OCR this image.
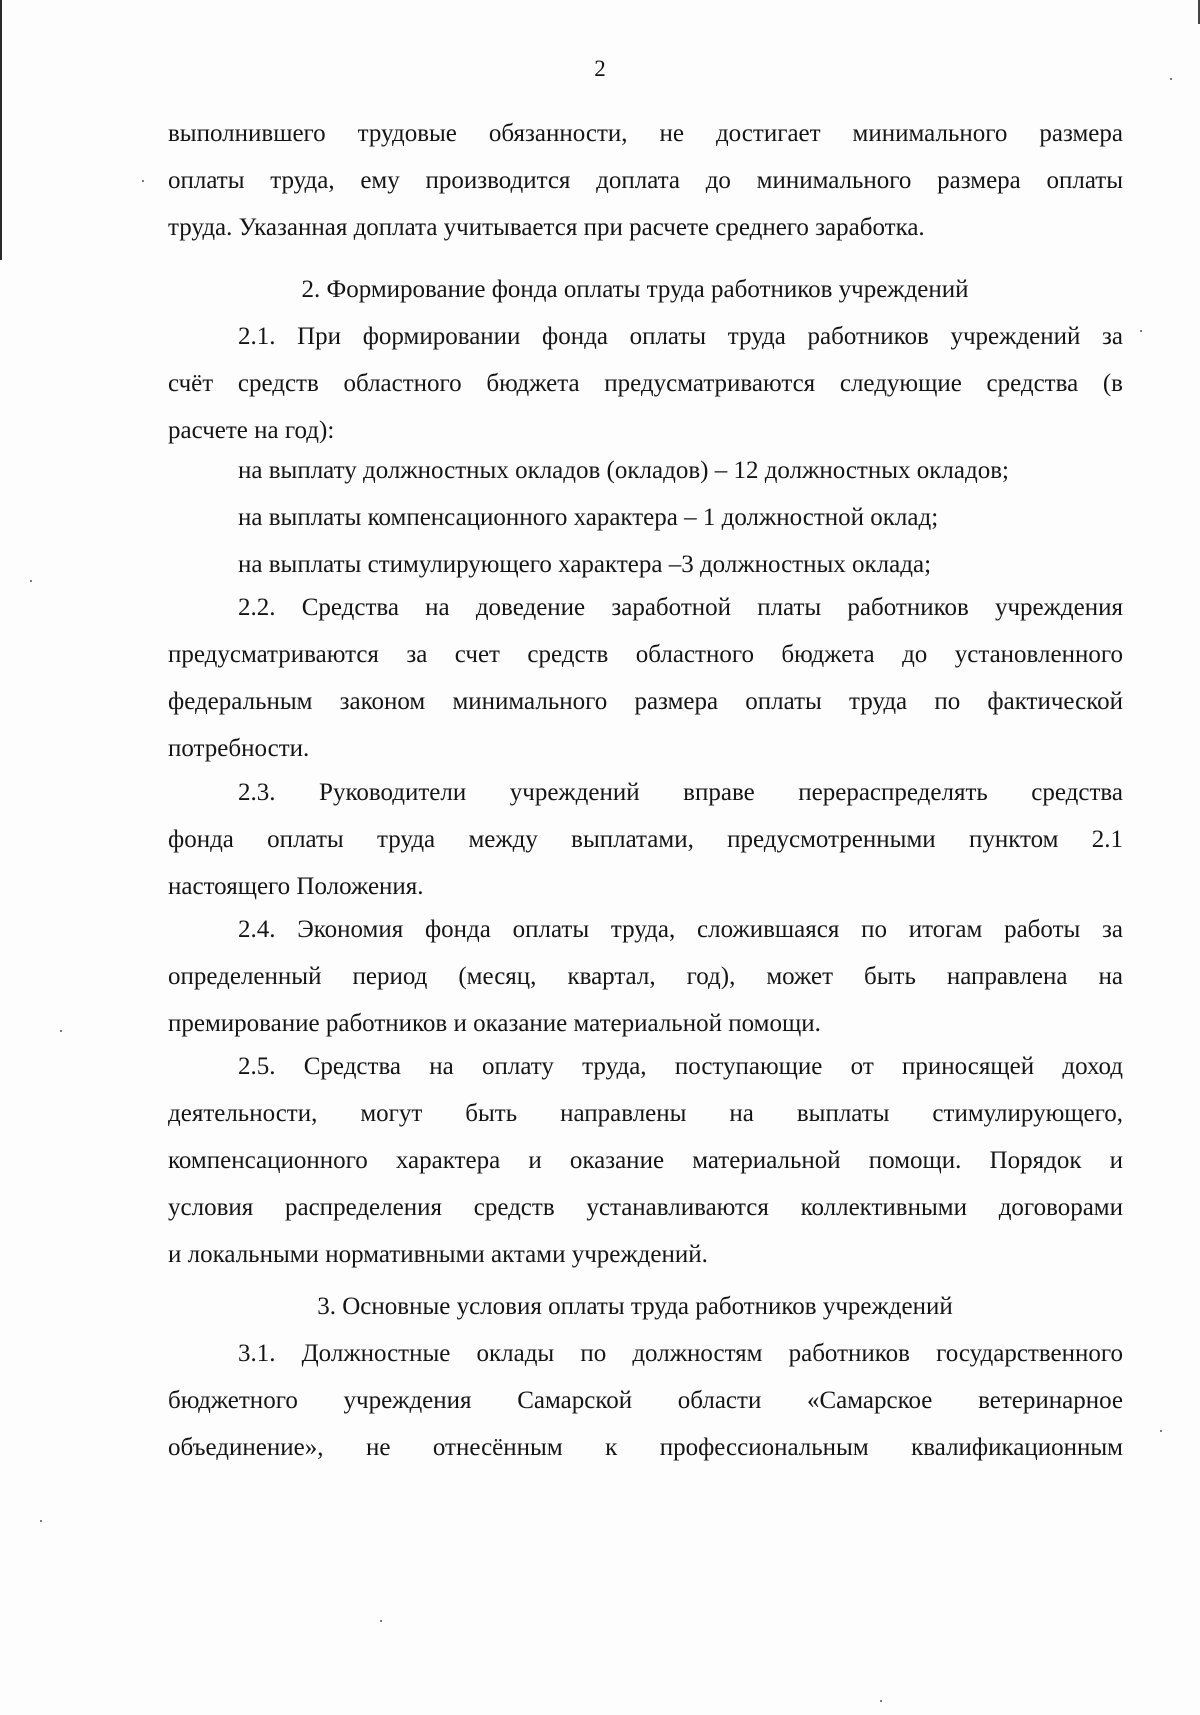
2
выполнившего трудовые обязанности, не достигает минимального размера
оплаты труда, ему производится доплата до минимального размера оплаты
труда. Указанная доплата учитывается при расчете среднего заработка.
2. Формирование фонда оплаты труда работников учреждений
2.1. При формировании фонда оплаты труда работников учреждений за
счёт средств областного бюджета предусматриваются следующие средства (в
расчете на год):
на выплату должностных окладов (окладов) – 12 должностных окладов;
на выплаты компенсационного характера – 1 должностной оклад;
на выплаты стимулирующего характера –3 должностных оклада;
2.2. Средства на доведение заработной платы работников учреждения
предусматриваются за счет средств областного бюджета до установленного
федеральным законом минимального размера оплаты труда по фактической
потребности.
2.3. Руководители учреждений вправе перераспределять средства
фонда оплаты труда между выплатами, предусмотренными пунктом 2.1
настоящего Положения.
2.4. Экономия фонда оплаты труда, сложившаяся по итогам работы за
определенный период (месяц, квартал, год), может быть направлена на
премирование работников и оказание материальной помощи.
2.5. Средства на оплату труда, поступающие от приносящей доход
деятельности, могут быть направлены на выплаты стимулирующего,
компенсационного характера и оказание материальной помощи. Порядок и
условия распределения средств устанавливаются коллективными договорами
и локальными нормативными актами учреждений.
3. Основные условия оплаты труда работников учреждений
3.1. Должностные оклады по должностям работников государственного
бюджетного учреждения Самарской области «Самарское ветеринарное
объединение», не отнесённым к профессиональным квалификационным
